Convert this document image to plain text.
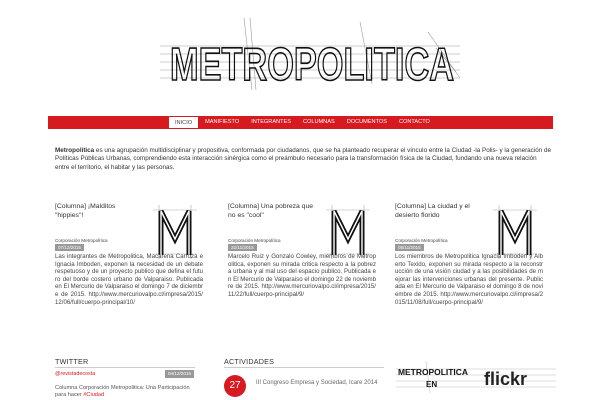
METROPOLITICA
INICIO	MANIFIESTO	INTEGRANTES	COLUMNAS	DOCUMENTOS	CONTACTO

Metropolítica es una agrupación multidisciplinar y propositiva, conformada por ciudadanos, que se ha planteado recuperar el vínculo entre la Ciudad -la Polis- y la generación de Políticas Públicas Urbanas, comprendiendo esta interacción sinérgica como el preámbulo necesario para la transformación física de la Ciudad, fundando una nueva relación entre el territorio, el habitar y las personas.

[Columna] ¡Malditos "hippies"!
Corporación Metropolítica
07/12/2015
Las integrantes de Metropolitica, Macarena Carroza e Ignacia Imboden, exponen la necesidad de un debate respetuoso y de un proyecto publico que defina el futuro del borde costero urbano de Valparaiso. Publicada en El Mercurio de Valparaiso el domingo 7 de diciembre de 2015. http://www.mercuriovalpo.cl/impresa/2015/12/06/full/cuerpo-principal/10/
[Columna] Una pobreza que no es "cool"
Corporación Metropolítica
22/11/2015
Marcelo Ruiz y Gonzalo Cowley, miembros de Metropolitica, exponen su mirada critica respecto a la pobreza urbana y al mal uso del espacio publico. Publicada en El Mercurio de Valparaiso el domingo 22 de noviembre de 2015. http://www.mercuriovalpo.cl/impresa/2015/11/22/full/cuerpo-principal/9/
[Columna] La ciudad y el desierto florido
Corporación Metropolítica
08/11/2015
Los miembros de Metropolitica Ignacia Imboden y Alberto Texido, exponen su mirada respecto a la reconstrucción de una visión ciudad y a las posibilidades de mejorar las intervenciones urbanas del presente. Publicada en El Mercurio de Valparaiso el domingo 8 de noviembre de 2015. http://www.mercuriovalpo.cl/impresa/2015/11/08/full/cuerpo-principal/9/
TWITTER
@revistadecosta	04/12/2015
Columna Corporación Metropolitica: Una Participación para hacer #Ciudad
ACTIVIDADES
27	III Congreso Empresa y Sociedad, Icare 2014
METROPOLITICA
EN	flickr
